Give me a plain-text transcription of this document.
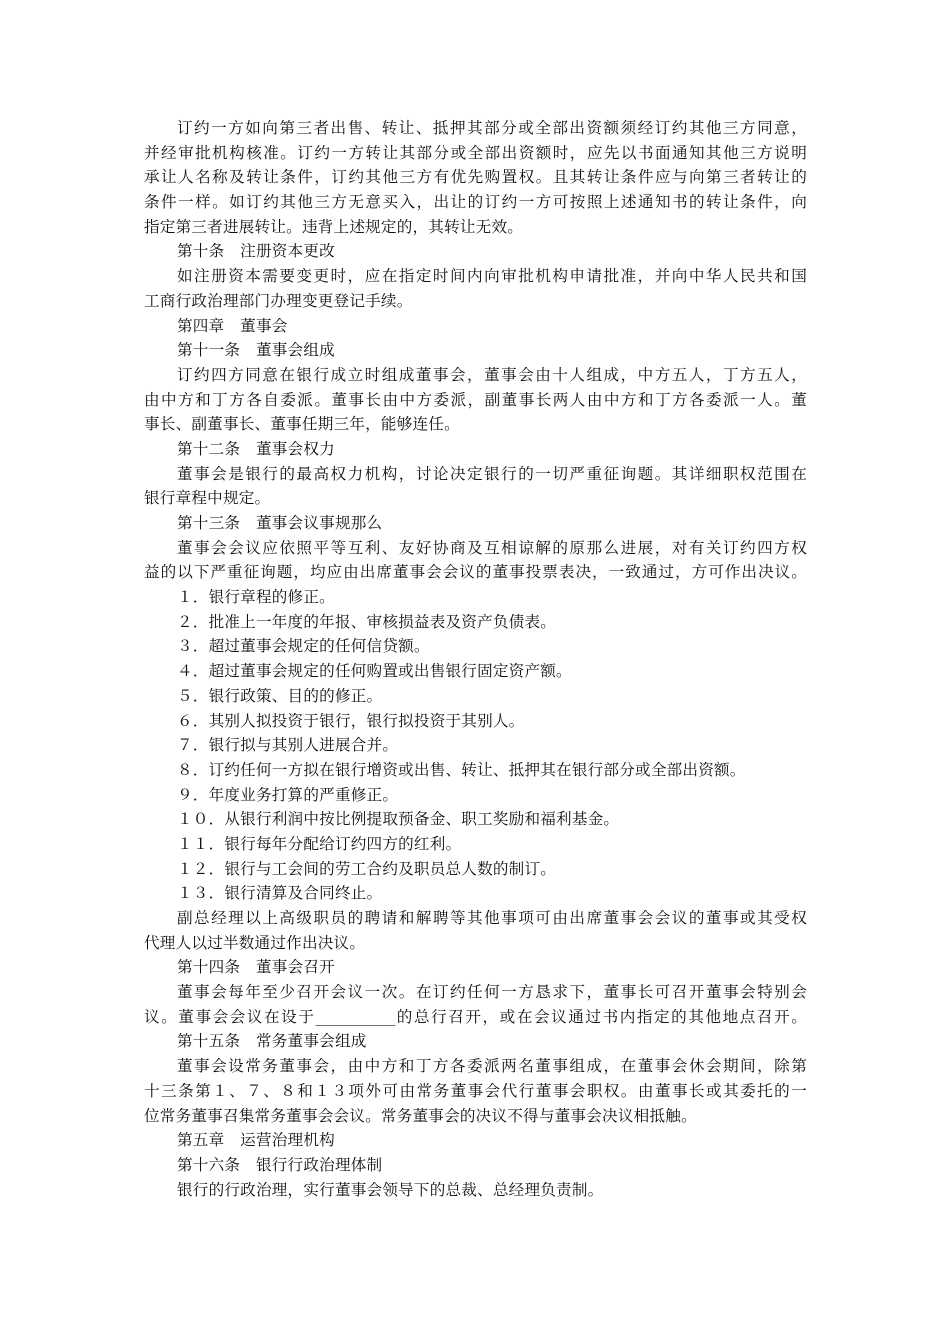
订约一方如向第三者出售、转让、抵押其部分或全部出资额须经订约其他三方同意，
并经审批机构核准。订约一方转让其部分或全部出资额时，应先以书面通知其他三方说明
承让人名称及转让条件，订约其他三方有优先购置权。且其转让条件应与向第三者转让的
条件一样。如订约其他三方无意买入，出让的订约一方可按照上述通知书的转让条件，向
指定第三者进展转让。违背上述规定的，其转让无效。
第十条　注册资本更改
如注册资本需要变更时，应在指定时间内向审批机构申请批准，并向中华人民共和国
工商行政治理部门办理变更登记手续。
第四章　董事会
第十一条　董事会组成
订约四方同意在银行成立时组成董事会，董事会由十人组成，中方五人，丁方五人，
由中方和丁方各自委派。董事长由中方委派，副董事长两人由中方和丁方各委派一人。董
事长、副董事长、董事任期三年，能够连任。
第十二条　董事会权力
董事会是银行的最高权力机构，讨论决定银行的一切严重征询题。其详细职权范围在
银行章程中规定。
第十三条　董事会议事规那么
董事会会议应依照平等互利、友好协商及互相谅解的原那么进展，对有关订约四方权
益的以下严重征询题，均应由出席董事会会议的董事投票表决，一致通过，方可作出决议。
１．银行章程的修正。
２．批准上一年度的年报、审核损益表及资产负债表。
３．超过董事会规定的任何信贷额。
４．超过董事会规定的任何购置或出售银行固定资产额。
５．银行政策、目的的修正。
６．其别人拟投资于银行，银行拟投资于其别人。
７．银行拟与其别人进展合并。
８．订约任何一方拟在银行增资或出售、转让、抵押其在银行部分或全部出资额。
９．年度业务打算的严重修正。
１０．从银行利润中按比例提取预备金、职工奖励和福利基金。
１１．银行每年分配给订约四方的红利。
１２．银行与工会间的劳工合约及职员总人数的制订。
１３．银行清算及合同终止。
副总经理以上高级职员的聘请和解聘等其他事项可由出席董事会会议的董事或其受权
代理人以过半数通过作出决议。
第十四条　董事会召开
董事会每年至少召开会议一次。在订约任何一方恳求下，董事长可召开董事会特别会
议。董事会会议在设于__________的总行召开，或在会议通过书内指定的其他地点召开。
第十五条　常务董事会组成
董事会设常务董事会，由中方和丁方各委派两名董事组成，在董事会休会期间，除第
十三条第１、７、８和１３项外可由常务董事会代行董事会职权。由董事长或其委托的一
位常务董事召集常务董事会会议。常务董事会的决议不得与董事会决议相抵触。
第五章　运营治理机构
第十六条　银行行政治理体制
银行的行政治理，实行董事会领导下的总裁、总经理负责制。
